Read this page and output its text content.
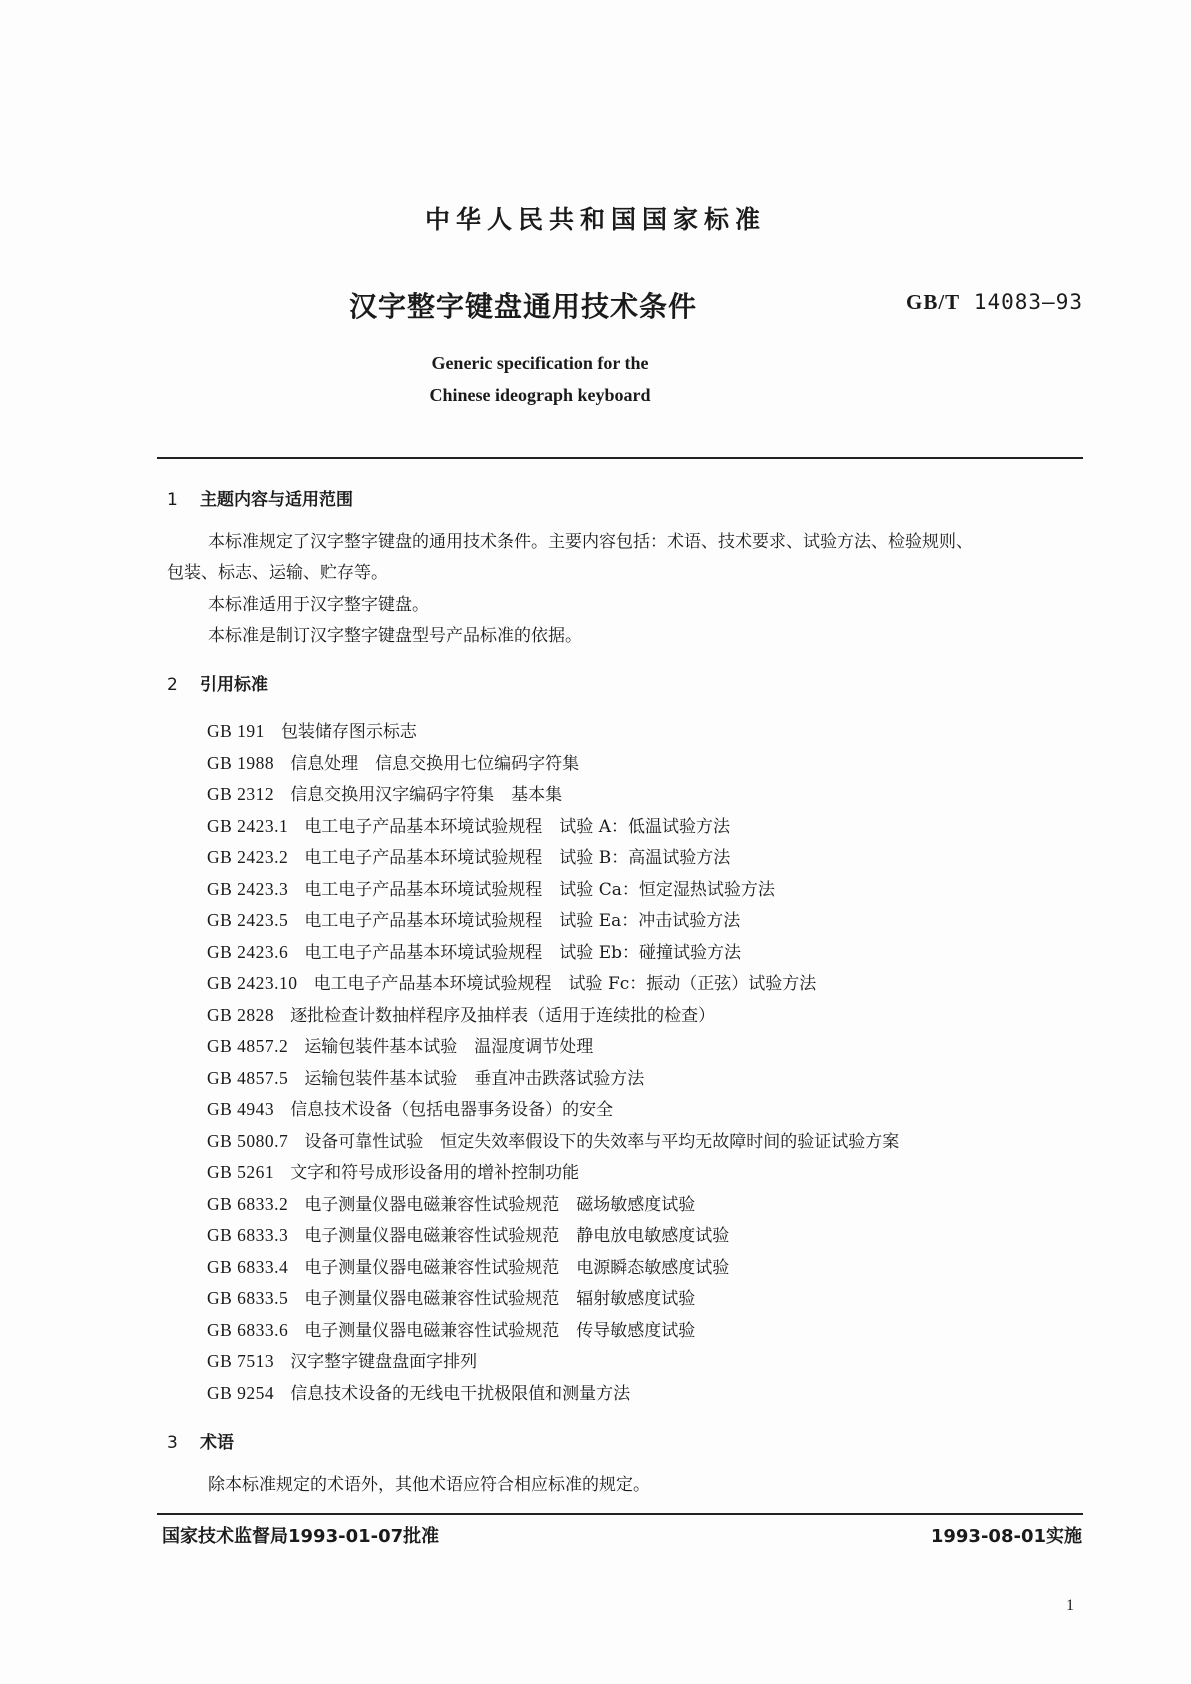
中华人民共和国国家标准
汉字整字键盘通用技术条件	GB/T 14083—93
Generic specification for the
Chinese ideograph keyboard
1 主题内容与适用范围
本标准规定了汉字整字键盘的通用技术条件。主要内容包括：术语、技术要求、试验方法、检验规则、
包装、标志、运输、贮存等。
本标准适用于汉字整字键盘。
本标准是制订汉字整字键盘型号产品标准的依据。
2 引用标准
GB 191 包装储存图示标志
GB 1988 信息处理　信息交换用七位编码字符集
GB 2312 信息交换用汉字编码字符集　基本集
GB 2423.1 电工电子产品基本环境试验规程　试验 A：低温试验方法
GB 2423.2 电工电子产品基本环境试验规程　试验 B：高温试验方法
GB 2423.3 电工电子产品基本环境试验规程　试验 Ca：恒定湿热试验方法
GB 2423.5 电工电子产品基本环境试验规程　试验 Ea：冲击试验方法
GB 2423.6 电工电子产品基本环境试验规程　试验 Eb：碰撞试验方法
GB 2423.10 电工电子产品基本环境试验规程　试验 Fc：振动（正弦）试验方法
GB 2828 逐批检查计数抽样程序及抽样表（适用于连续批的检查）
GB 4857.2 运输包装件基本试验　温湿度调节处理
GB 4857.5 运输包装件基本试验　垂直冲击跌落试验方法
GB 4943 信息技术设备（包括电器事务设备）的安全
GB 5080.7 设备可靠性试验　恒定失效率假设下的失效率与平均无故障时间的验证试验方案
GB 5261 文字和符号成形设备用的增补控制功能
GB 6833.2 电子测量仪器电磁兼容性试验规范　磁场敏感度试验
GB 6833.3 电子测量仪器电磁兼容性试验规范　静电放电敏感度试验
GB 6833.4 电子测量仪器电磁兼容性试验规范　电源瞬态敏感度试验
GB 6833.5 电子测量仪器电磁兼容性试验规范　辐射敏感度试验
GB 6833.6 电子测量仪器电磁兼容性试验规范　传导敏感度试验
GB 7513 汉字整字键盘盘面字排列
GB 9254 信息技术设备的无线电干扰极限值和测量方法
3 术语
除本标准规定的术语外，其他术语应符合相应标准的规定。
国家技术监督局1993-01-07批准	1993-08-01实施
1
